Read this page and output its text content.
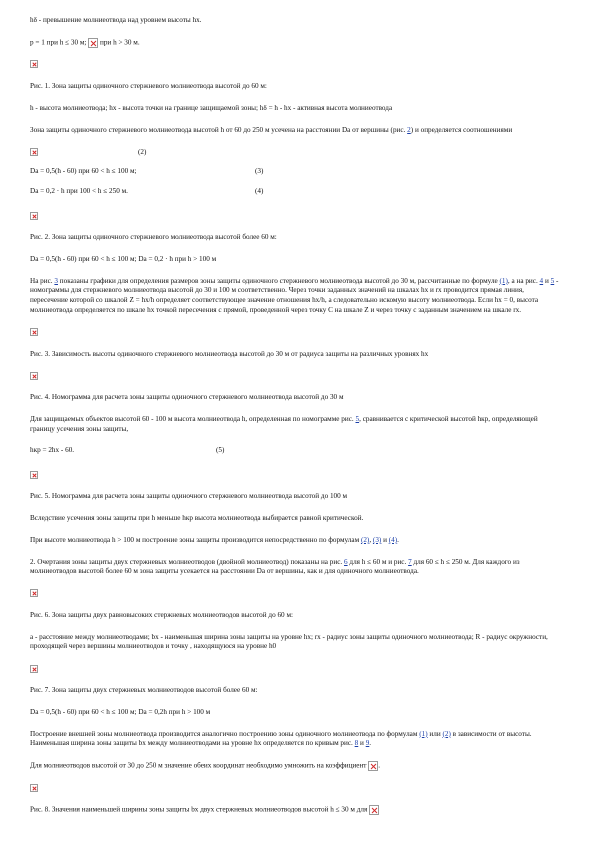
hδ - превышение молниеотвода над уровнем высоты hx.

p = 1 при h ≤ 30 м; при h > 30 м.

Рис. 1. Зона защиты одиночного стержневого молниеотвода высотой до 60 м:

h - высота молниеотвода; hx - высота точки на границе защищаемой зоны; hδ = h - hx - активная высота молниеотвода

Зона защиты одиночного стержневого молниеотвода высотой h от 60 до 250 м усечена на расстоянии Da от вершины (рис. 2) и определяется соотношениями

(2)
Da = 0,5(h - 60) при 60 < h ≤ 100 м;	(3)
Da = 0,2 · h при 100 < h ≤ 250 м.	(4)

Рис. 2. Зона защиты одиночного стержневого молниеотвода высотой более 60 м:

Da = 0,5(h - 60) при 60 < h ≤ 100 м; Da = 0,2 · h при h > 100 м

На рис. 3 показаны графики для определения размеров зоны защиты одиночного стержневого молниеотвода высотой до 30 м, рассчитанные по формуле (1), а на рис. 4 и 5 - номограммы для стержневого молниеотвода высотой до 30 и 100 м соответственно. Через точки заданных значений на шкалах hx и rx проводится прямая линия, пересечение которой со шкалой Z = hx/h определяет соответствующее значение отношения hx/h, а следовательно искомую высоту молниеотвода. Если hx = 0, высота молниеотвода определяется по шкале hx точкой пересечения с прямой, проведенной через точку С на шкале Z и через точку с заданным значением на шкале rx.

Рис. 3. Зависимость высоты одиночного стержневого молниеотвода высотой до 30 м от радиуса защиты на различных уровнях hx

Рис. 4. Номограмма для расчета зоны защиты одиночного стержневого молниеотвода высотой до 30 м

Для защищаемых объектов высотой 60 - 100 м высота молниеотвода h, определенная по номограмме рис. 5, сравнивается с критической высотой hкр, определяющей границу усечения зоны защиты,

hкр = 2hx - 60.	(5)

Рис. 5. Номограмма для расчета зоны защиты одиночного стержневого молниеотвода высотой до 100 м

Вследствие усечения зоны защиты при h меньше hкр высота молниеотвода выбирается равной критической.

При высоте молниеотвода h > 100 м построение зоны защиты производится непосредственно по формулам (2), (3) и (4).

2. Очертания зоны защиты двух стержневых молниеотводов (двойной молниеотвод) показаны на рис. 6 для h ≤ 60 м и рис. 7 для 60 ≤ h ≤ 250 м. Для каждого из молниеотводов высотой более 60 м зона защиты усекается на расстоянии Da от вершины, как и для одиночного молниеотвода.

Рис. 6. Зона защиты двух равновысоких стержневых молниеотводов высотой до 60 м:

a - расстояние между молниеотводами; bx - наименьшая ширина зоны защиты на уровне hx; rx - радиус зоны защиты одиночного молниеотвода; R - радиус окружности, проходящей через вершины молниеотводов и точку , находящуюся на уровне h0

Рис. 7. Зона защиты двух стержневых молниеотводов высотой более 60 м:

Da = 0,5(h - 60) при 60 < h ≤ 100 м; Da = 0,2h при h > 100 м

Построение внешней зоны молниеотвода производится аналогично построению зоны одиночного молниеотвода по формулам (1) или (2) в зависимости от высоты. Наименьшая ширина зоны защиты bx между молниеотводами на уровне hx определяется по кривым рис. 8 и 9.

Для молниеотводов высотой от 30 до 250 м значение обеих координат необходимо умножить на коэффициент .

Рис. 8. Значения наименьшей ширины зоны защиты bx двух стержневых молниеотводов высотой h ≤ 30 м для
